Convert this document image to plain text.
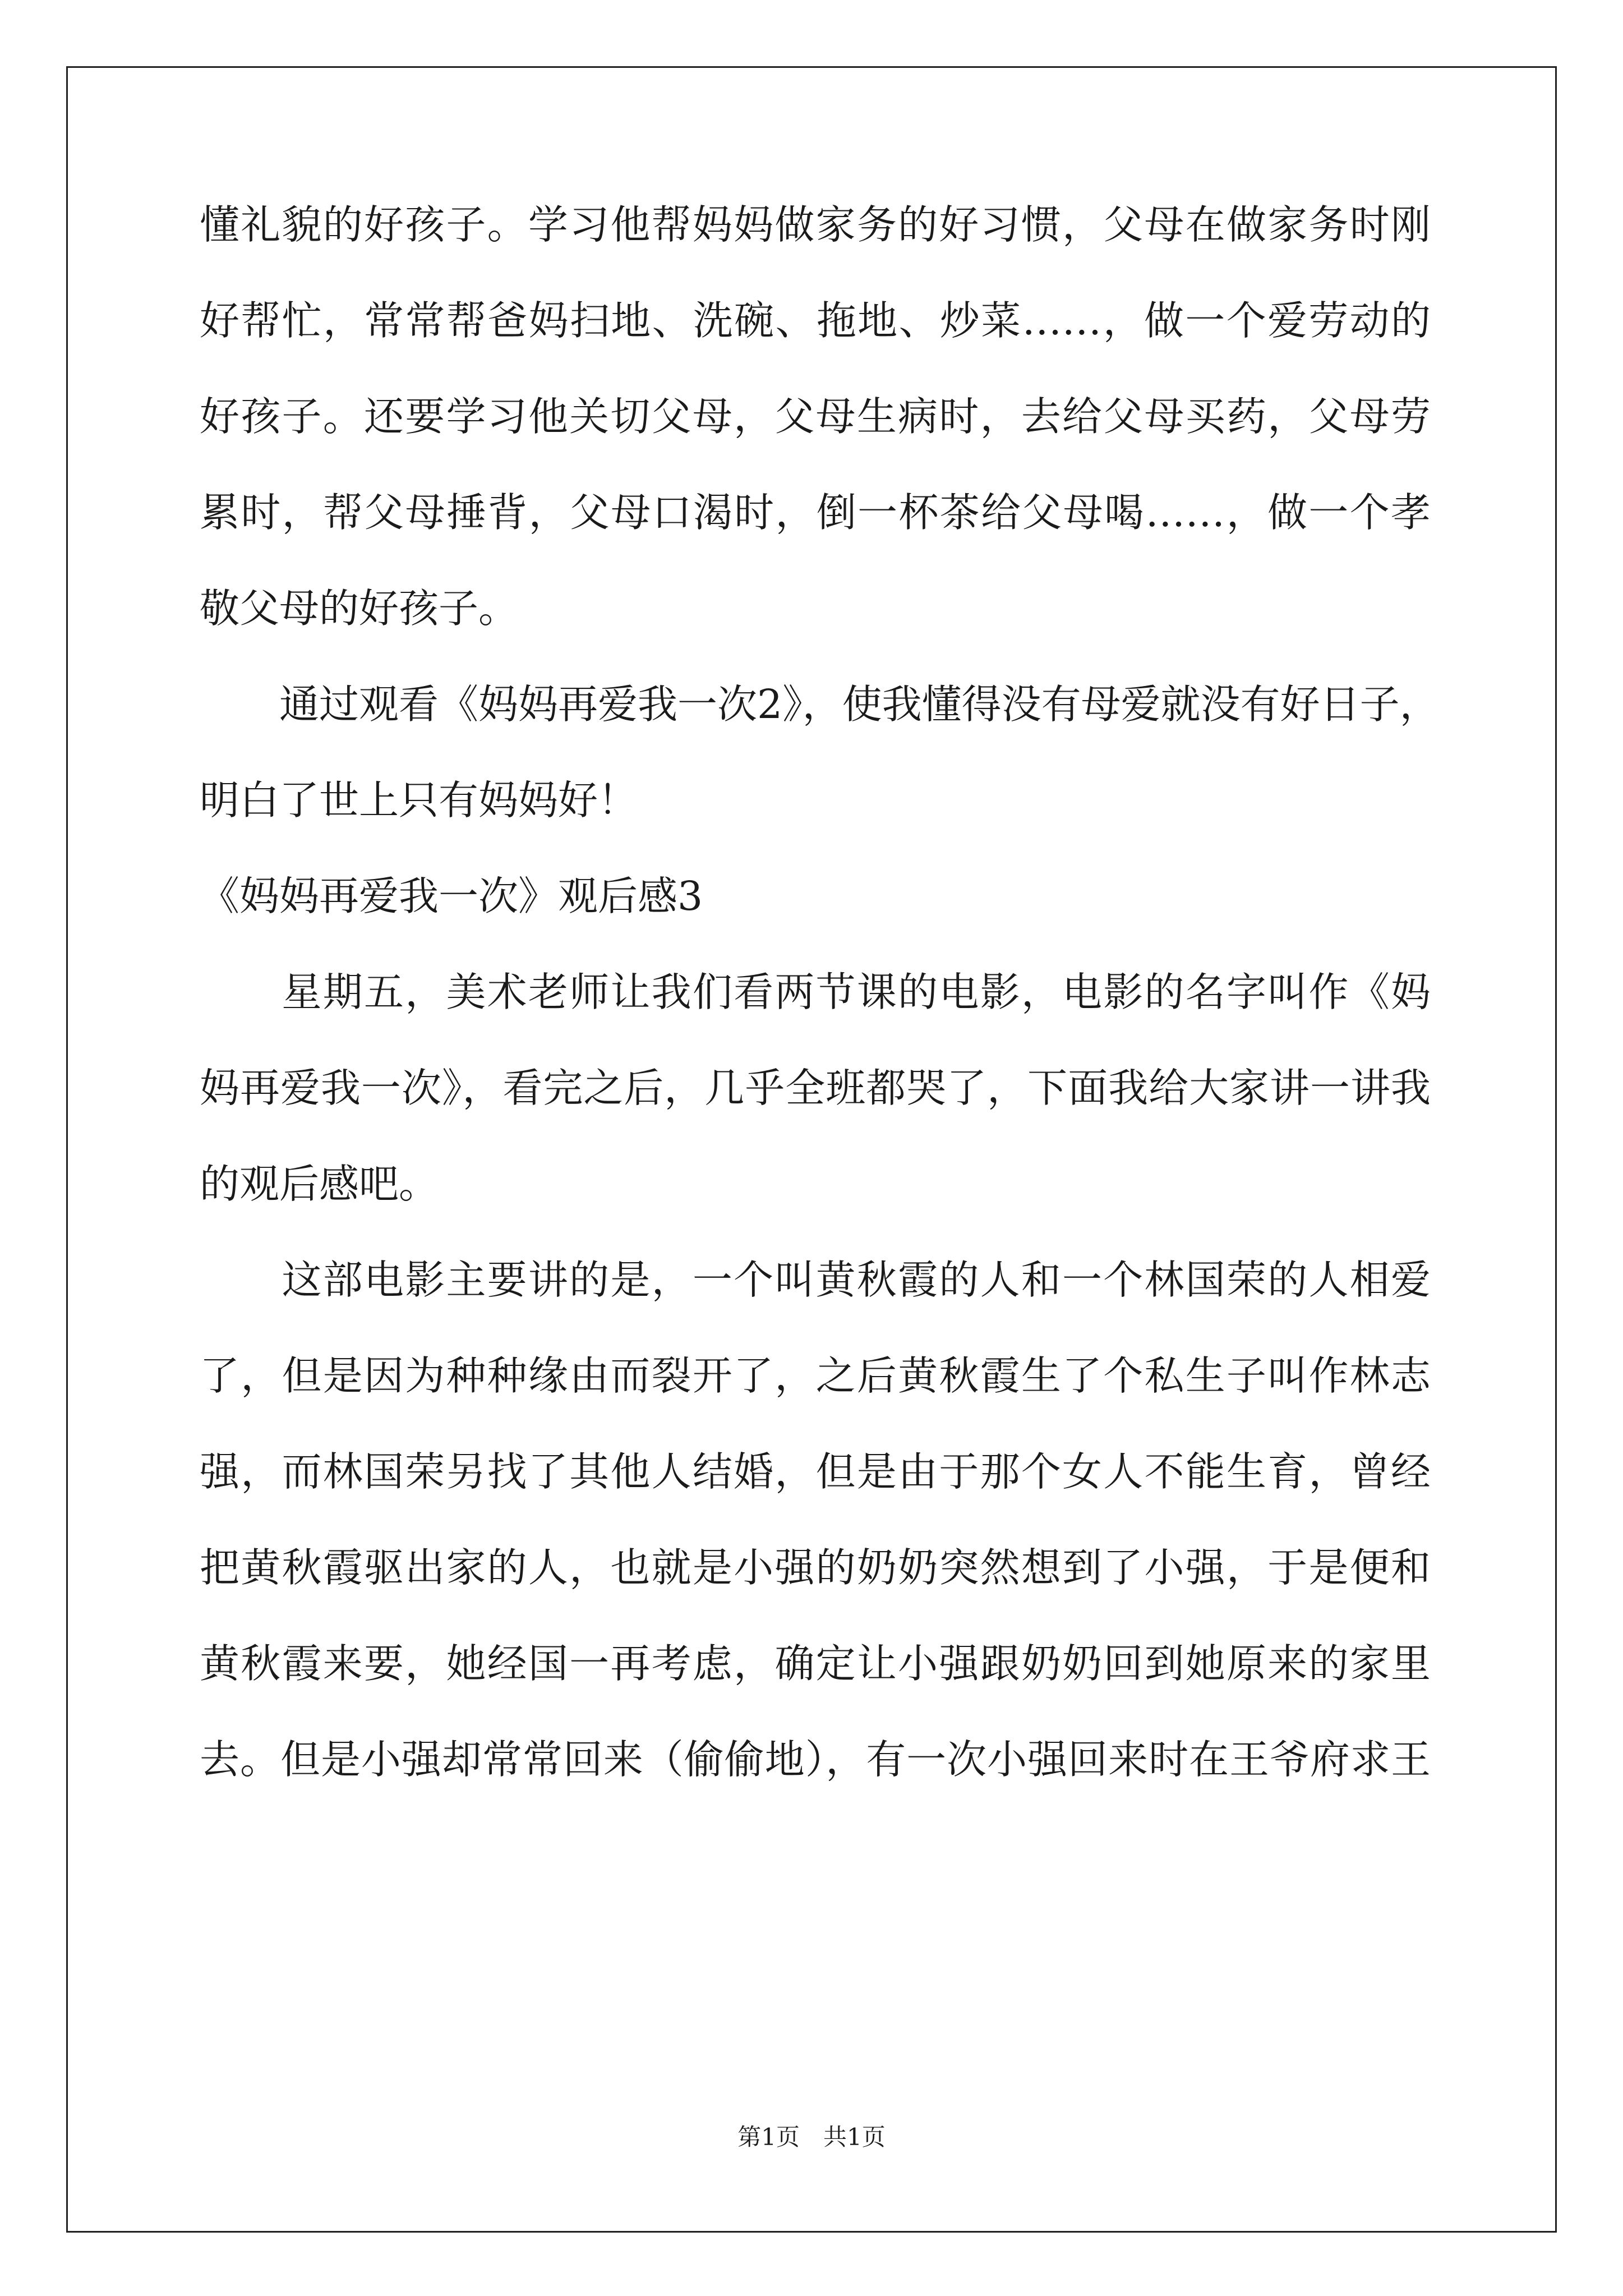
懂礼貌的好孩子。学习他帮妈妈做家务的好习惯，父母在做家务时刚

好帮忙，常常帮爸妈扫地、洗碗、拖地、炒菜……，做一个爱劳动的

好孩子。还要学习他关切父母，父母生病时，去给父母买药，父母劳

累时，帮父母捶背，父母口渴时，倒一杯茶给父母喝……，做一个孝

敬父母的好孩子。

　　通过观看《妈妈再爱我一次2》，使我懂得没有母爱就没有好日子，

明白了世上只有妈妈好！

《妈妈再爱我一次》观后感3

　　星期五，美术老师让我们看两节课的电影，电影的名字叫作《妈

妈再爱我一次》，看完之后，几乎全班都哭了，下面我给大家讲一讲我

的观后感吧。

　　这部电影主要讲的是，一个叫黄秋霞的人和一个林国荣的人相爱

了，但是因为种种缘由而裂开了，之后黄秋霞生了个私生子叫作林志

强，而林国荣另找了其他人结婚，但是由于那个女人不能生育，曾经

把黄秋霞驱出家的人，也就是小强的奶奶突然想到了小强，于是便和

黄秋霞来要，她经国一再考虑，确定让小强跟奶奶回到她原来的家里

去。但是小强却常常回来（偷偷地），有一次小强回来时在王爷府求王

第1页　共1页
